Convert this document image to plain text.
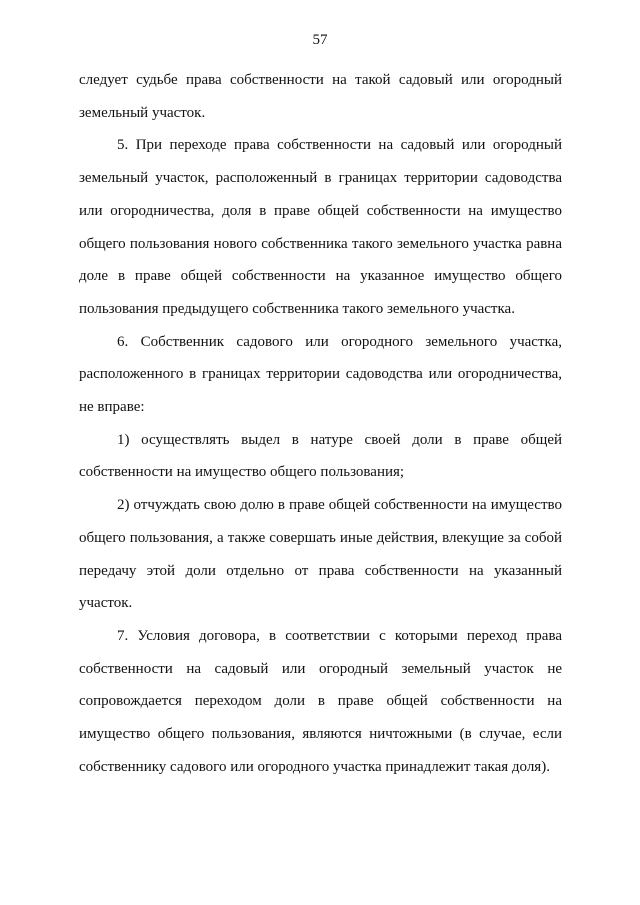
57
следует судьбе права собственности на такой садовый или огородный
земельный участок.
5. При переходе права собственности на садовый или огородный
земельный участок, расположенный в границах территории садоводства
или огородничества, доля в праве общей собственности на имущество
общего пользования нового собственника такого земельного участка равна
доле в праве общей собственности на указанное имущество общего
пользования предыдущего собственника такого земельного участка.
6. Собственник садового или огородного земельного участка,
расположенного в границах территории садоводства или огородничества,
не вправе:
1) осуществлять выдел в натуре своей доли в праве общей
собственности на имущество общего пользования;
2) отчуждать свою долю в праве общей собственности на имущество
общего пользования, а также совершать иные действия, влекущие за собой
передачу этой доли отдельно от права собственности на указанный
участок.
7. Условия договора, в соответствии с которыми переход права
собственности на садовый или огородный земельный участок не
сопровождается переходом доли в праве общей собственности на
имущество общего пользования, являются ничтожными (в случае, если
собственнику садового или огородного участка принадлежит такая доля).
